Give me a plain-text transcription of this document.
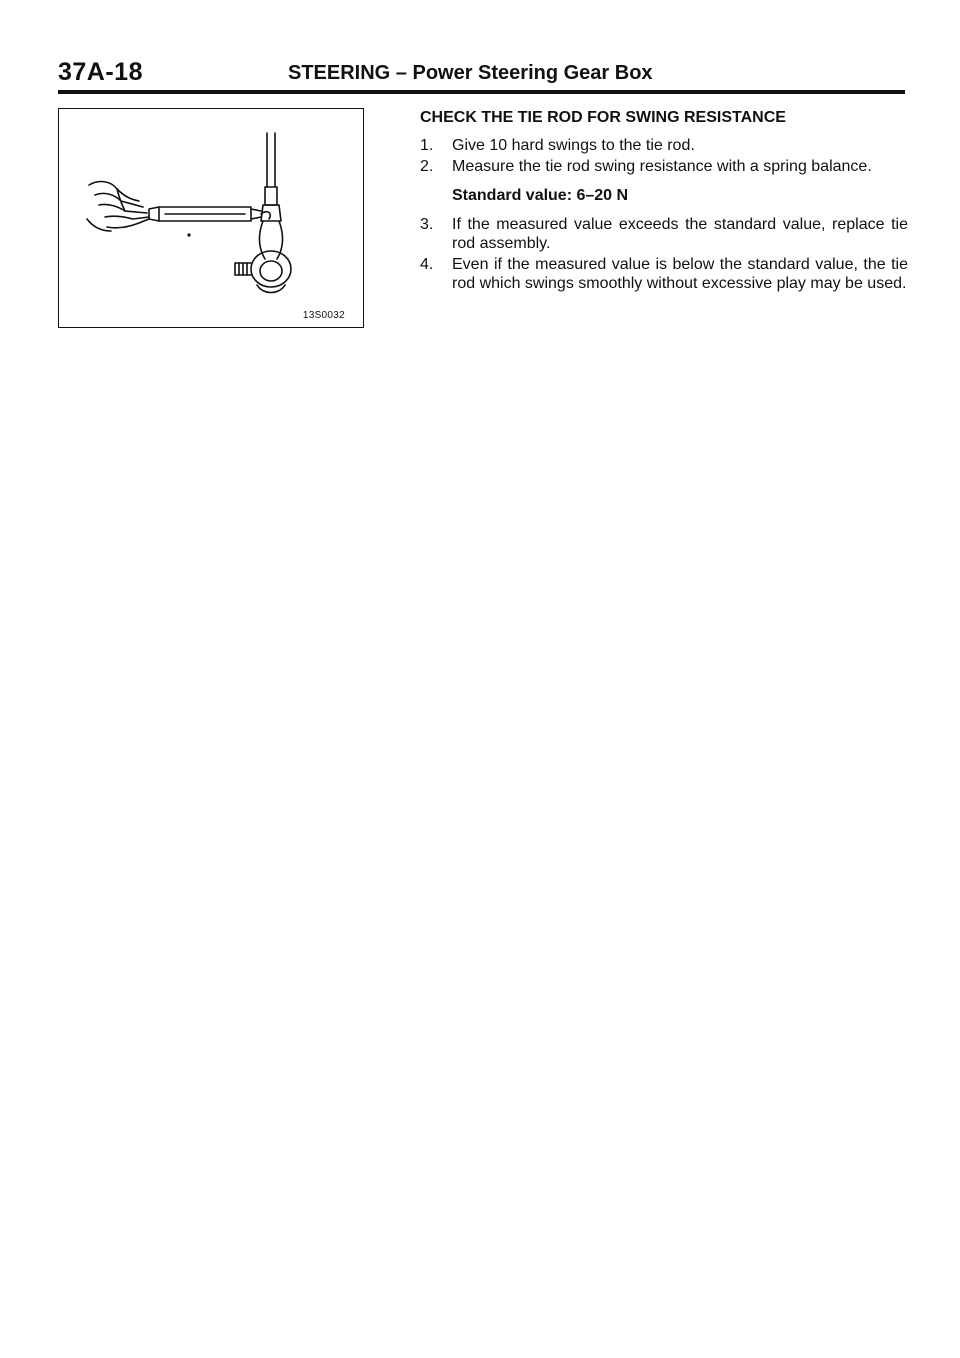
37A-18	STEERING – Power Steering Gear Box
13S0032
CHECK THE TIE ROD FOR SWING RESISTANCE
1.	Give 10 hard swings to the tie rod.
2.	Measure the tie rod swing resistance with a spring balance.
Standard value: 6–20 N
3.	If the measured value exceeds the standard value, replace tie rod assembly.
4.	Even if the measured value is below the standard value, the tie rod which swings smoothly without excessive play may be used.
